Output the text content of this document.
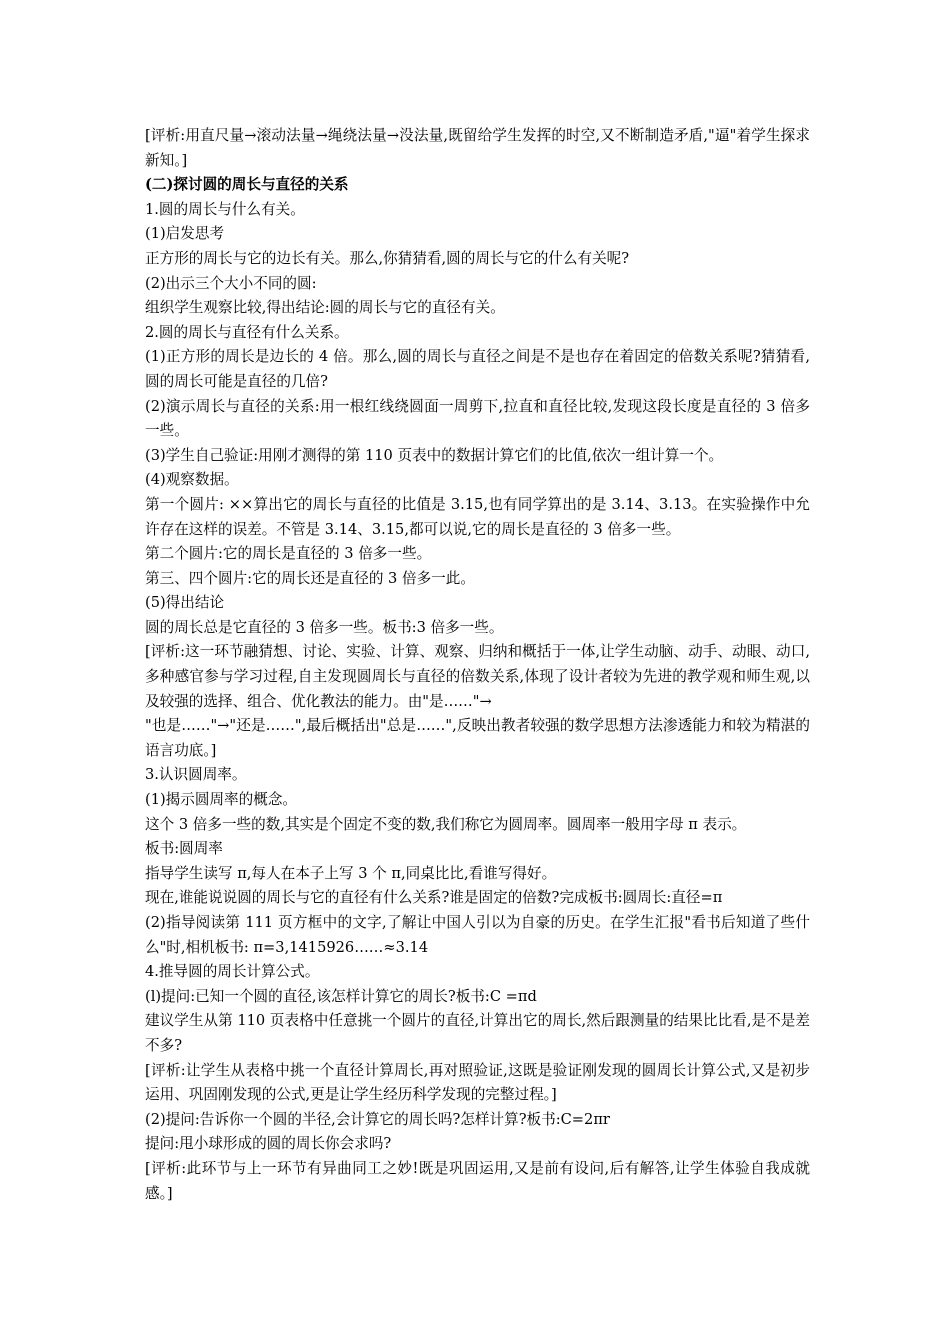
[评析:用直尺量→滚动法量→绳绕法量→没法量,既留给学生发挥的时空,又不断制造矛盾,"逼"着学生探求新知。]

(二)探讨圆的周长与直径的关系

1.圆的周长与什么有关。

(1)启发思考

正方形的周长与它的边长有关。那么,你猜猜看,圆的周长与它的什么有关呢?

(2)出示三个大小不同的圆:

组织学生观察比较,得出结论:圆的周长与它的直径有关。

2.圆的周长与直径有什么关系。

(1)正方形的周长是边长的 4 倍。那么,圆的周长与直径之间是不是也存在着固定的倍数关系呢?猜猜看,圆的周长可能是直径的几倍?

(2)演示周长与直径的关系:用一根红线绕圆面一周剪下,拉直和直径比较,发现这段长度是直径的 3 倍多一些。

(3)学生自己验证:用刚才测得的第 110 页表中的数据计算它们的比值,依次一组计算一个。

(4)观察数据。

第一个圆片: ××算出它的周长与直径的比值是 3.15,也有同学算出的是 3.14、3.13。在实验操作中允许存在这样的误差。不管是 3.14、3.15,都可以说,它的周长是直径的 3 倍多一些。

第二个圆片:它的周长是直径的 3 倍多一些。

第三、四个圆片:它的周长还是直径的 3 倍多一此。

(5)得出结论

圆的周长总是它直径的 3 倍多一些。板书:3 倍多一些。

[评析:这一环节融猜想、讨论、实验、计算、观察、归纳和概括于一体,让学生动脑、动手、动眼、动口,多种感官参与学习过程,自主发现圆周长与直径的倍数关系,体现了设计者较为先进的教学观和师生观,以及较强的选择、组合、优化教法的能力。由"是……"→

"也是……"→"还是……",最后概括出"总是……",反映出教者较强的数学思想方法渗透能力和较为精湛的语言功底。]

3.认识圆周率。

(1)揭示圆周率的概念。

这个 3 倍多一些的数,其实是个固定不变的数,我们称它为圆周率。圆周率一般用字母 π 表示。

板书:圆周率

指导学生读写 π,每人在本子上写 3 个 π,同桌比比,看谁写得好。

现在,谁能说说圆的周长与它的直径有什么关系?谁是固定的倍数?完成板书:圆周长:直径=π

(2)指导阅读第 111 页方框中的文字,了解让中国人引以为自豪的历史。在学生汇报"看书后知道了些什么"时,相机板书: π=3,1415926……≈3.14

4.推导圆的周长计算公式。

(l)提问:已知一个圆的直径,该怎样计算它的周长?板书:C =πd

建议学生从第 110 页表格中任意挑一个圆片的直径,计算出它的周长,然后跟测量的结果比比看,是不是差不多?

[评析:让学生从表格中挑一个直径计算周长,再对照验证,这既是验证刚发现的圆周长计算公式,又是初步运用、巩固刚发现的公式,更是让学生经历科学发现的完整过程。]

(2)提问:告诉你一个圆的半径,会计算它的周长吗?怎样计算?板书:C=2πr

提问:甩小球形成的圆的周长你会求吗?

[评析:此环节与上一环节有异曲同工之妙!既是巩固运用,又是前有设问,后有解答,让学生体验自我成就感。]
